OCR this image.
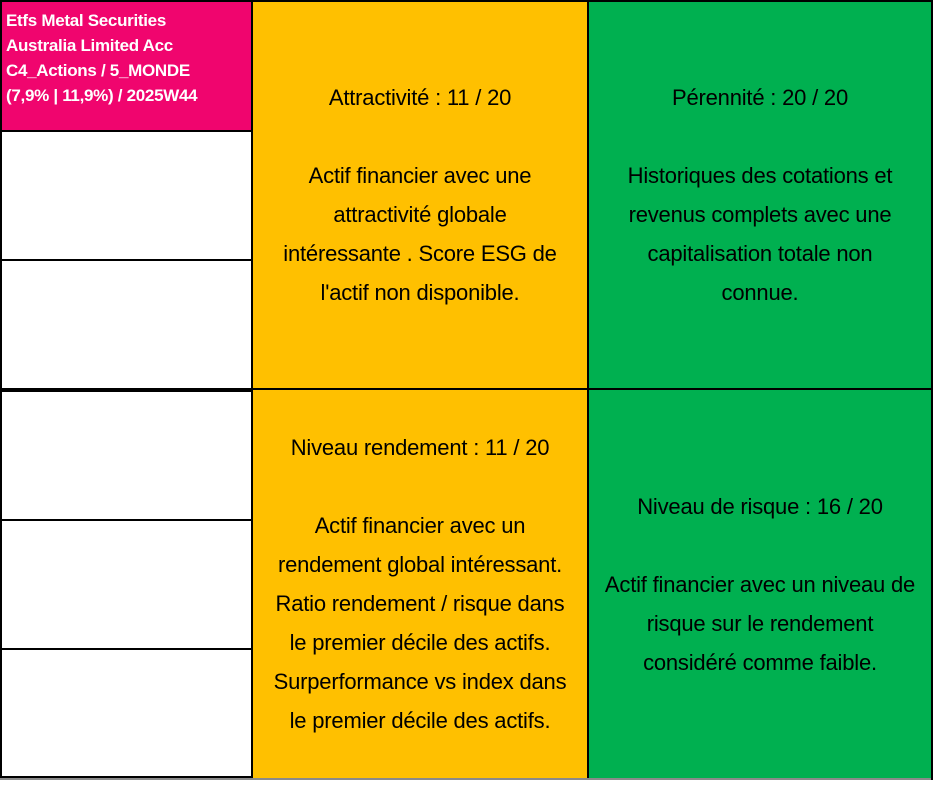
Etfs Metal Securities
Australia Limited Acc
C4_Actions / 5_MONDE
(7,9% | 11,9%) / 2025W44	Attractivité : 11 / 20
Actif financier avec une
attractivité globale
intéressante . Score ESG de
l'actif non disponible.
Pérennité : 20 / 20
Historiques des cotations et
revenus complets avec une
capitalisation totale non
connue.
Niveau rendement : 11 / 20
Actif financier avec un
rendement global intéressant.
Ratio rendement / risque dans
le premier décile des actifs.
Surperformance vs index dans
le premier décile des actifs.
Niveau de risque : 16 / 20
Actif financier avec un niveau de
risque sur le rendement
considéré comme faible.
